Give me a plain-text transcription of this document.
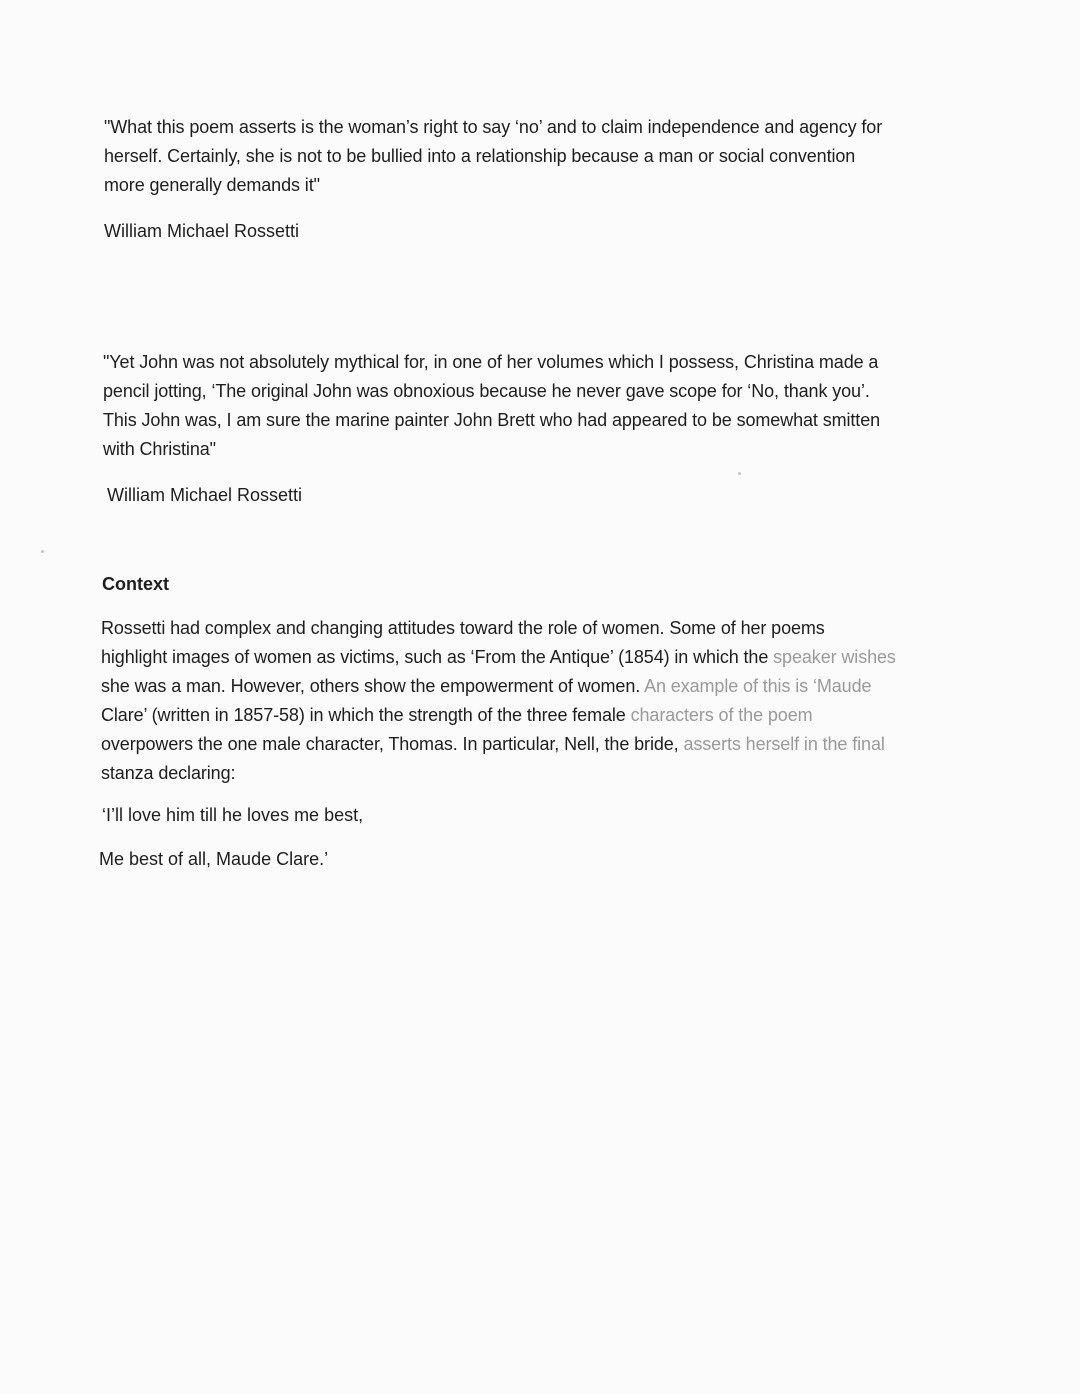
"What this poem asserts is the woman’s right to say ‘no’ and to claim independence and agency for
herself. Certainly, she is not to be bullied into a relationship because a man or social convention
more generally demands it"
William Michael Rossetti
"Yet John was not absolutely mythical for, in one of her volumes which I possess, Christina made a
pencil jotting, ‘The original John was obnoxious because he never gave scope for ‘No, thank you’.
This John was, I am sure the marine painter John Brett who had appeared to be somewhat smitten
with Christina"
William Michael Rossetti
Context
Rossetti had complex and changing attitudes toward the role of women. Some of her poems
highlight images of women as victims, such as ‘From the Antique’ (1854) in which the speaker wishes
she was a man. However, others show the empowerment of women. An example of this is ‘Maude
Clare’ (written in 1857-58) in which the strength of the three female characters of the poem
overpowers the one male character, Thomas. In particular, Nell, the bride, asserts herself in the final
stanza declaring:
‘I’ll love him till he loves me best,
Me best of all, Maude Clare.’
